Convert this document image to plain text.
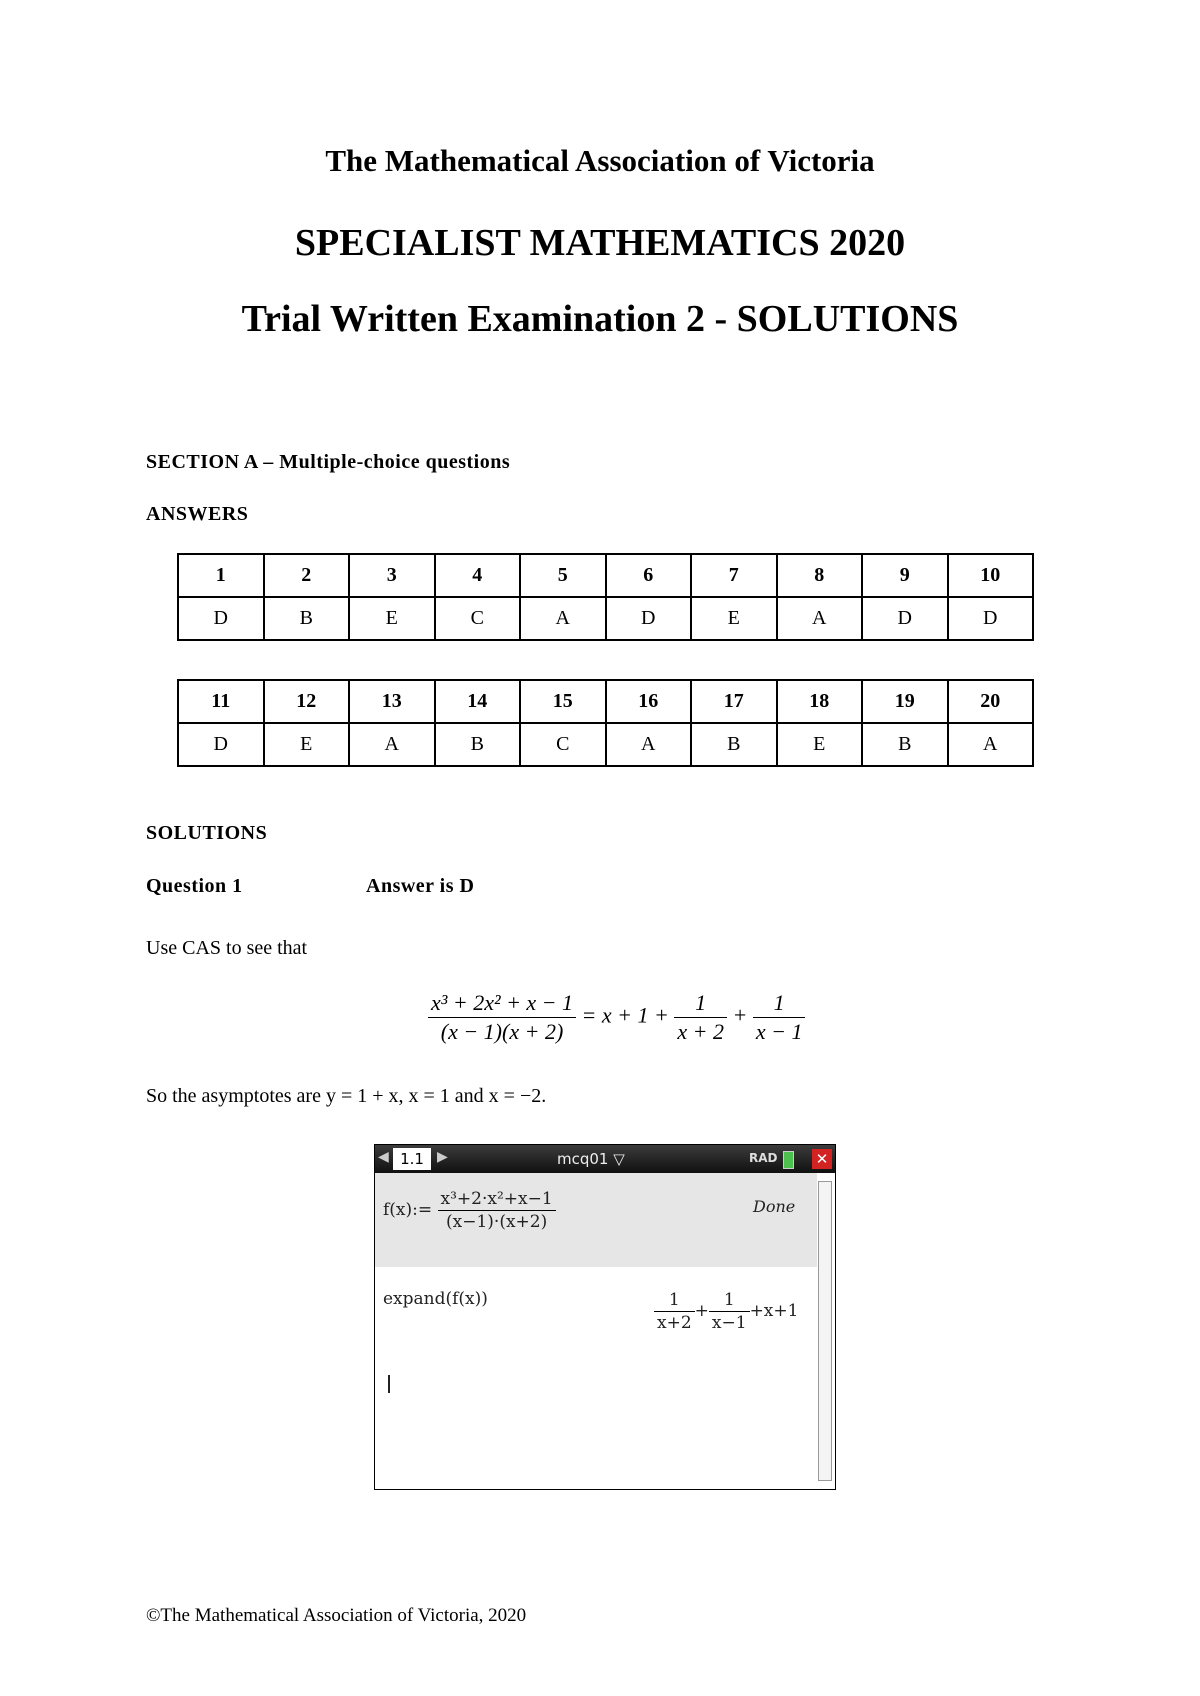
The Mathematical Association of Victoria
SPECIALIST MATHEMATICS 2020
Trial Written Examination 2 - SOLUTIONS
SECTION A – Multiple-choice questions
ANSWERS
1	2	3	4	5	6	7	8	9	10
D	B	E	C	A	D	E	A	D	D
11	12	13	14	15	16	17	18	19	20
D	E	A	B	C	A	B	E	B	A
SOLUTIONS
Question 1	Answer is D
Use CAS to see that
$\frac{\text{x³ + 2x² + x − 1}}{(x - 1)(x + 2)} = x + 1 + \frac{1}{x + 2} + \frac{1}{x - 1}$
So the asymptotes are y = 1 + x, x = 1 and x = −2.
◀ 1.1 ▶	mcq01 ▽	RAD	✕
f(x):= $\frac{\text{x³+2·x²+x−1}}{(x-1)\cdot(x+2)}$	Done
expand(f(x))	$\frac{1}{x+2} + \frac{1}{x-1} +x+1$
©The Mathematical Association of Victoria, 2020
